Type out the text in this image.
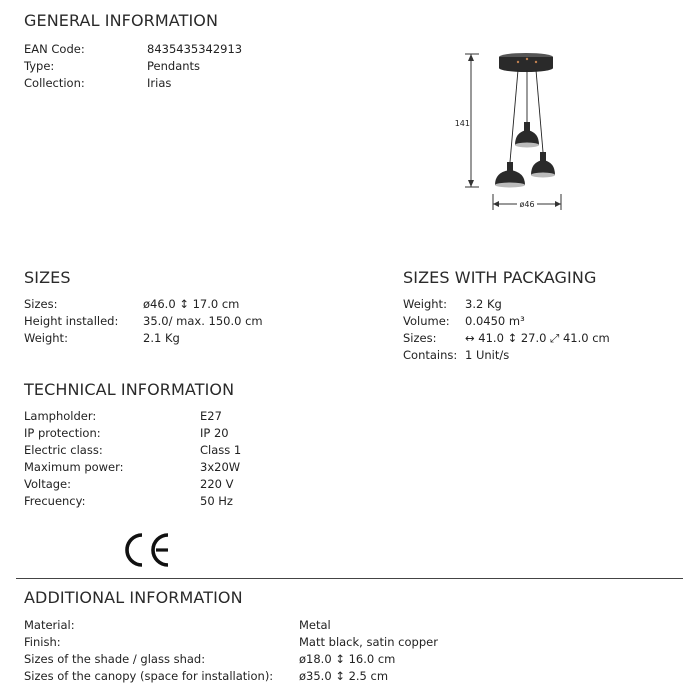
GENERAL INFORMATION
EAN Code:	8435435342913
Type:	Pendants
Collection:	Irias
141
ø46
SIZES
Sizes:	ø46.0 ↕ 17.0 cm
Height installed: 35.0/ max. 150.0 cm
Weight:	2.1 Kg
SIZES WITH PACKAGING
Weight: 3.2 Kg
Volume: 0.0450 m³
Sizes: ↔ 41.0 ↕ 27.0 ⤢ 41.0 cm
Contains: 1 Unit/s
TECHNICAL INFORMATION
Lampholder:	E27
IP protection:	IP 20
Electric class:	Class 1
Maximum power:	3x20W
Voltage:	220 V
Frecuency:	50 Hz
ADDITIONAL INFORMATION
Material:	Metal
Finish:	Matt black, satin copper
Sizes of the shade / glass shad:	ø18.0 ↕ 16.0 cm
Sizes of the canopy (space for installation): ø35.0 ↕ 2.5 cm
